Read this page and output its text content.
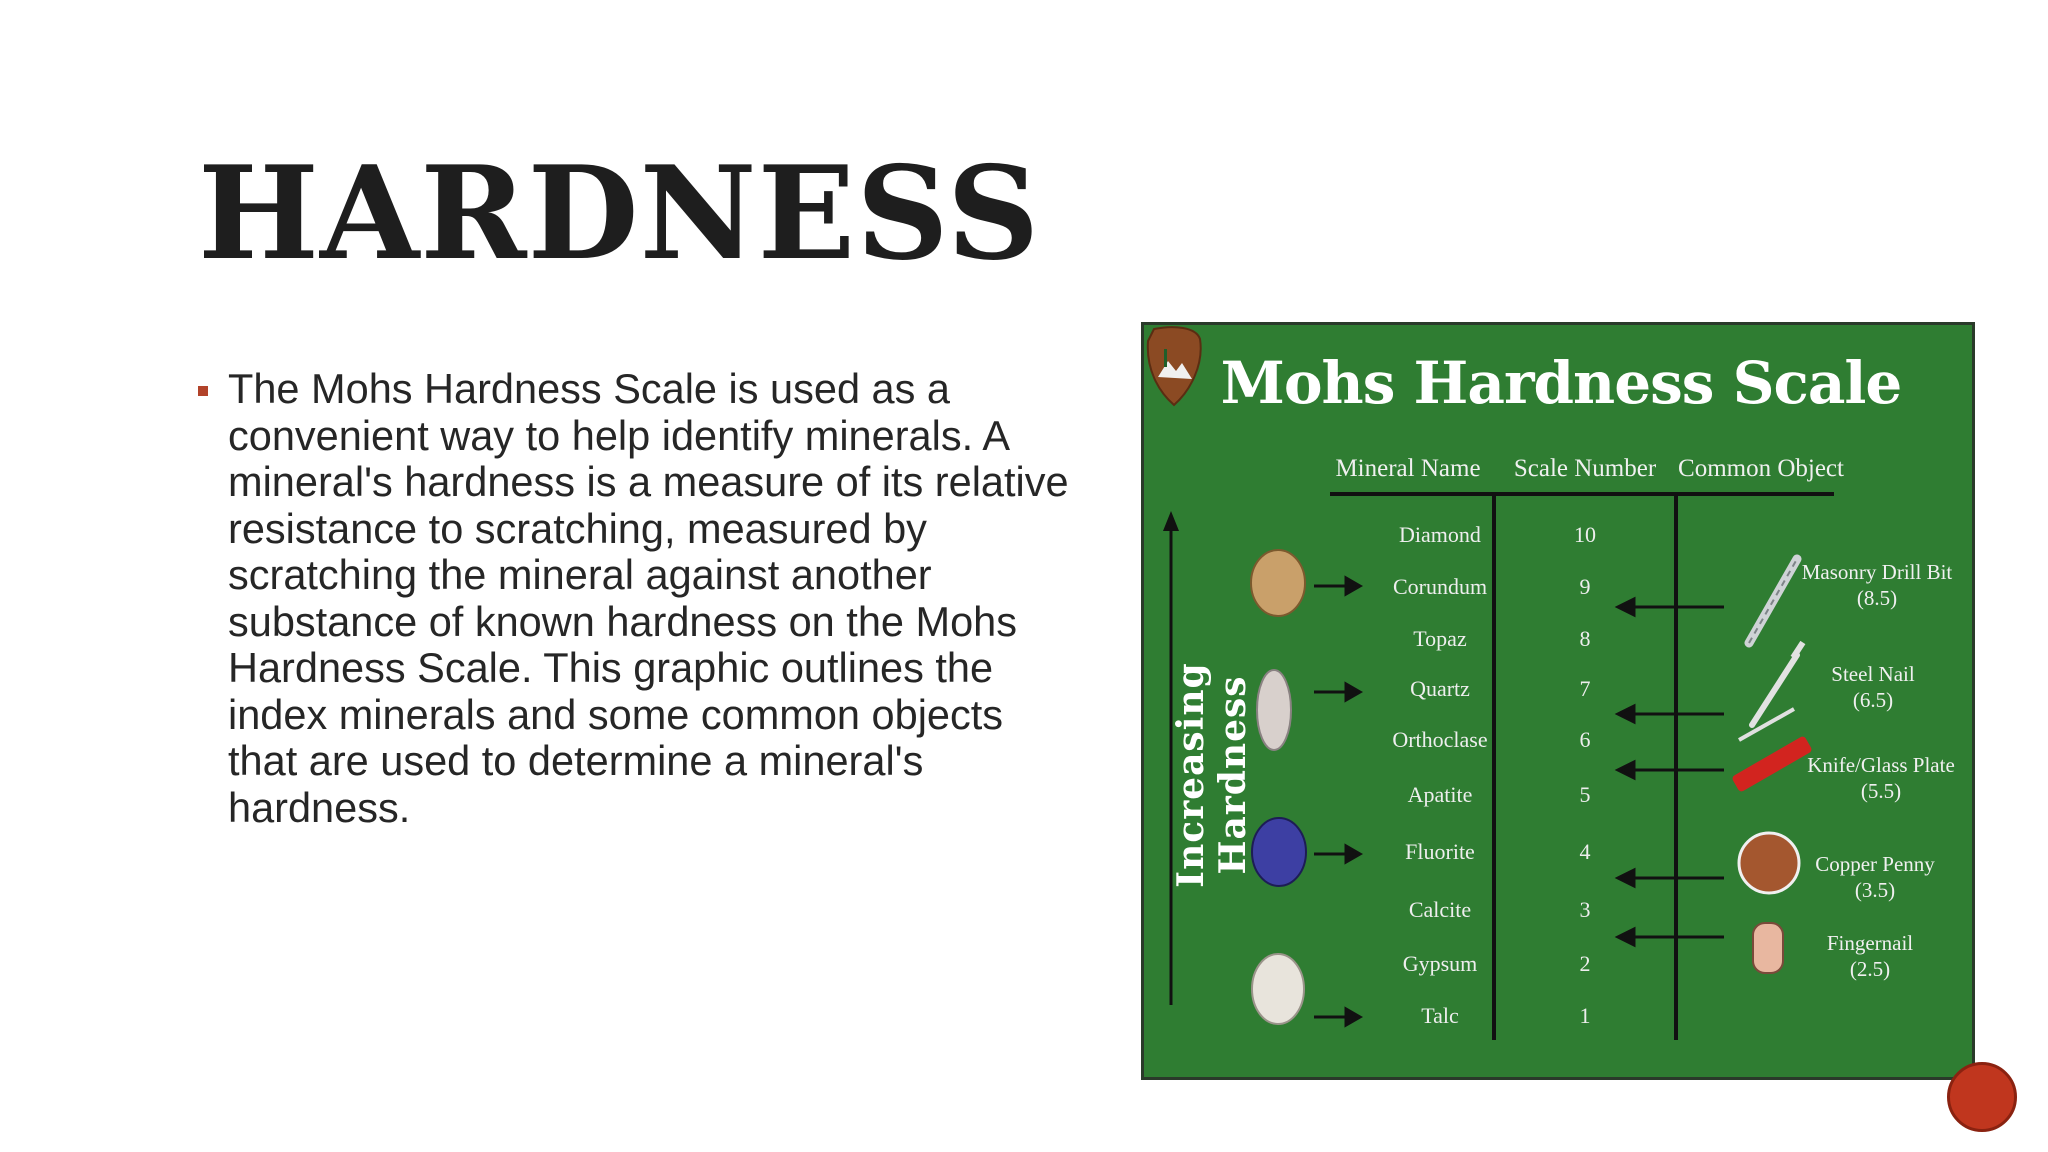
HARDNESS

The Mohs Hardness Scale is used as a convenient way to help identify minerals. A mineral's hardness is a measure of its relative resistance to scratching, measured by scratching the mineral against another substance of known hardness on the Mohs Hardness Scale. This graphic outlines the index minerals and some common objects that are used to determine a mineral's hardness.

Mohs Hardness Scale
Increasing Hardness
Mineral Name	Scale Number Common Object
Diamond
Corundum
Topaz
Quartz
Orthoclase
Apatite
Fluorite
Calcite
Gypsum
Talc
10
9
8
7
6
5
4
3
2
1
Masonry Drill Bit
(8.5)
Steel Nail
(6.5)
Knife/Glass Plate
(5.5)
Copper Penny
(3.5)
Fingernail
(2.5)
